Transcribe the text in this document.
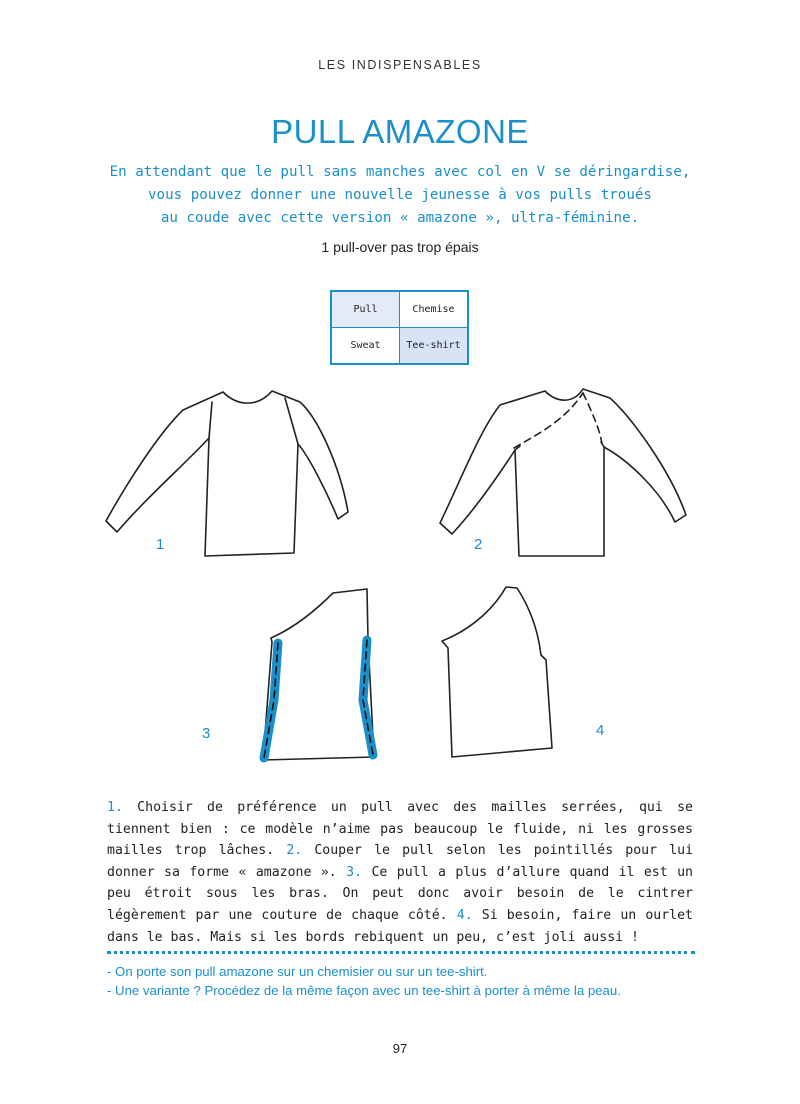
LES INDISPENSABLES
PULL AMAZONE
En attendant que le pull sans manches avec col en V se déringardise,
vous pouvez donner une nouvelle jeunesse à vos pulls troués
au coude avec cette version « amazone », ultra-féminine.
1 pull-over pas trop épais
Pull	Chemise
Sweat	Tee-shirt
1	2
3	4
1. Choisir de préférence un pull avec des mailles serrées, qui se tiennent bien : ce modèle n’aime pas beaucoup le fluide, ni les grosses mailles trop lâches. 2. Couper le pull selon les pointillés pour lui donner sa forme « amazone ». 3. Ce pull a plus d’allure quand il est un peu étroit sous les bras. On peut donc avoir besoin de le cintrer légèrement par une couture de chaque côté. 4. Si besoin, faire un ourlet dans le bas. Mais si les bords rebiquent un peu, c’est joli aussi !
- On porte son pull amazone sur un chemisier ou sur un tee-shirt.
- Une variante ? Procédez de la même façon avec un tee-shirt à porter à même la peau.
97
